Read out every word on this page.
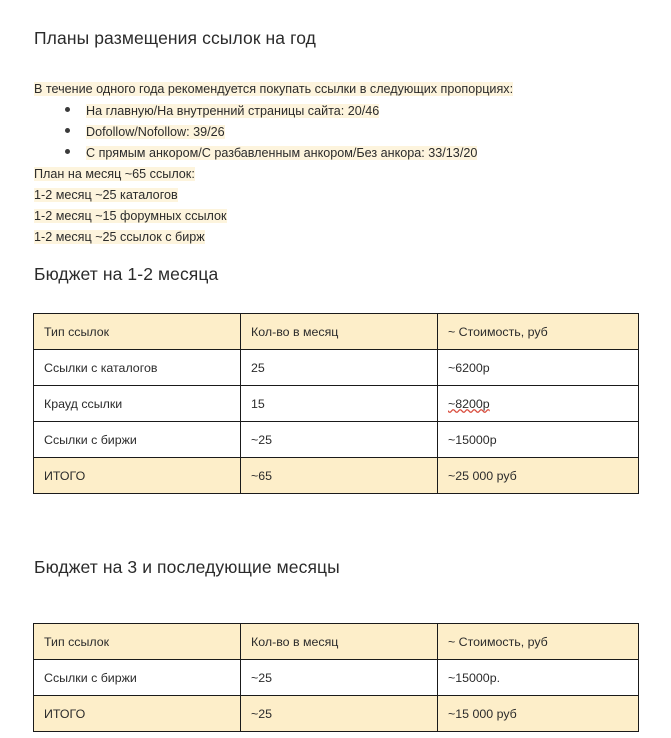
Планы размещения ссылок на год
В течение одного года рекомендуется покупать ссылки в следующих пропорциях:
На главную/На внутренний страницы сайта: 20/46
Dofollow/Nofollow: 39/26
С прямым анкором/С разбавленным анкором/Без анкора: 33/13/20
План на месяц ~65 ссылок:
1-2 месяц ~25 каталогов
1-2 месяц ~15 форумных ссылок
1-2 месяц ~25 ссылок с бирж
Бюджет на 1-2 месяца
Тип ссылок	Кол-во в месяц	~ Стоимость, руб
Ссылки с каталогов	25	~6200р
Крауд ссылки	15	~8200р
Ссылки с биржи	~25	~15000р
ИТОГО	~65	~25 000 руб
Бюджет на 3 и последующие месяцы
Тип ссылок	Кол-во в месяц	~ Стоимость, руб
Ссылки с биржи	~25	~15000р.
ИТОГО	~25	~15 000 руб
